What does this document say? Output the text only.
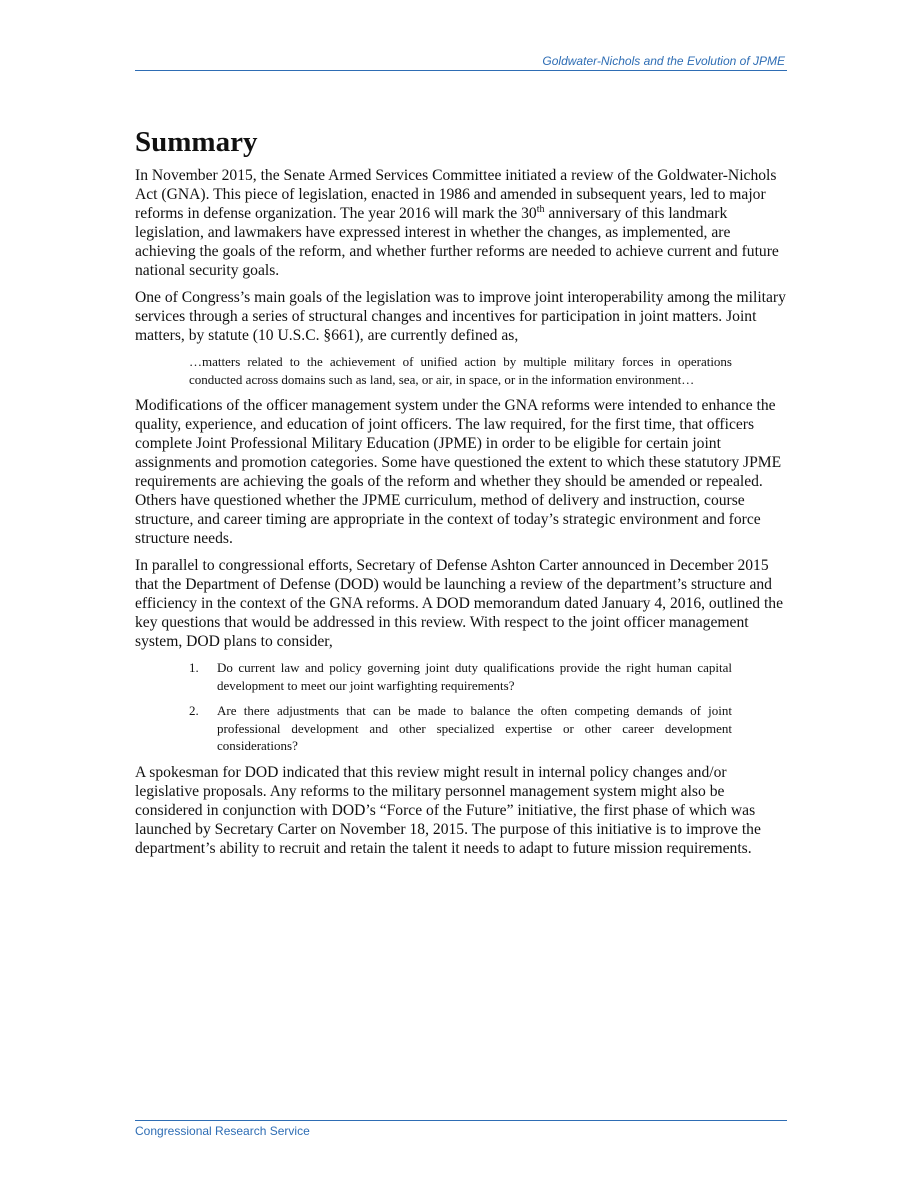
Goldwater-Nichols and the Evolution of JPME
Summary

In November 2015, the Senate Armed Services Committee initiated a review of the Goldwater-Nichols Act (GNA). This piece of legislation, enacted in 1986 and amended in subsequent years, led to major reforms in defense organization. The year 2016 will mark the 30th anniversary of this landmark legislation, and lawmakers have expressed interest in whether the changes, as implemented, are achieving the goals of the reform, and whether further reforms are needed to achieve current and future national security goals.

One of Congress’s main goals of the legislation was to improve joint interoperability among the military services through a series of structural changes and incentives for participation in joint matters. Joint matters, by statute (10 U.S.C. §661), are currently defined as,

…matters related to the achievement of unified action by multiple military forces in operations conducted across domains such as land, sea, or air, in space, or in the information environment…

Modifications of the officer management system under the GNA reforms were intended to enhance the quality, experience, and education of joint officers. The law required, for the first time, that officers complete Joint Professional Military Education (JPME) in order to be eligible for certain joint assignments and promotion categories. Some have questioned the extent to which these statutory JPME requirements are achieving the goals of the reform and whether they should be amended or repealed. Others have questioned whether the JPME curriculum, method of delivery and instruction, course structure, and career timing are appropriate in the context of today’s strategic environment and force structure needs.

In parallel to congressional efforts, Secretary of Defense Ashton Carter announced in December 2015 that the Department of Defense (DOD) would be launching a review of the department’s structure and efficiency in the context of the GNA reforms. A DOD memorandum dated January 4, 2016, outlined the key questions that would be addressed in this review. With respect to the joint officer management system, DOD plans to consider,

1.	Do current law and policy governing joint duty qualifications provide the right human capital development to meet our joint warfighting requirements?
2.	Are there adjustments that can be made to balance the often competing demands of joint professional development and other specialized expertise or other career development considerations?

A spokesman for DOD indicated that this review might result in internal policy changes and/or legislative proposals. Any reforms to the military personnel management system might also be considered in conjunction with DOD’s “Force of the Future” initiative, the first phase of which was launched by Secretary Carter on November 18, 2015. The purpose of this initiative is to improve the department’s ability to recruit and retain the talent it needs to adapt to future mission requirements.

Congressional Research Service
